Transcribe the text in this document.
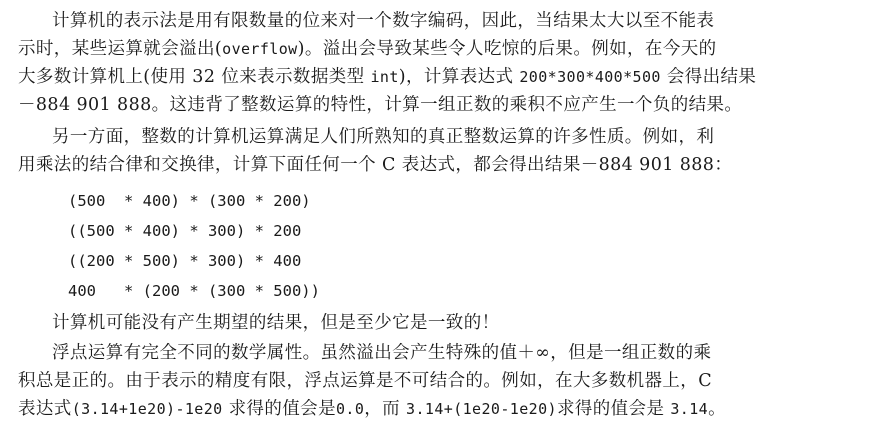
计算机的表示法是用有限数量的位来对一个数字编码，因此，当结果太大以至不能表
示时，某些运算就会溢出(overflow)。溢出会导致某些令人吃惊的后果。例如，在今天的
大多数计算机上(使用 32 位来表示数据类型 int)，计算表达式 200*300*400*500 会得出结果
－884 901 888。这违背了整数运算的特性，计算一组正数的乘积不应产生一个负的结果。
另一方面，整数的计算机运算满足人们所熟知的真正整数运算的许多性质。例如，利
用乘法的结合律和交换律，计算下面任何一个 C 表达式，都会得出结果－884 901 888：
(500  * 400) * (300 * 200)
((500 * 400) * 300) * 200
((200 * 500) * 300) * 400
400   * (200 * (300 * 500))
计算机可能没有产生期望的结果，但是至少它是一致的！
浮点运算有完全不同的数学属性。虽然溢出会产生特殊的值＋∞，但是一组正数的乘
积总是正的。由于表示的精度有限，浮点运算是不可结合的。例如，在大多数机器上，C
表达式(3.14+1e20)-1e20 求得的值会是0.0，而 3.14+(1e20-1e20)求得的值会是 3.14。
